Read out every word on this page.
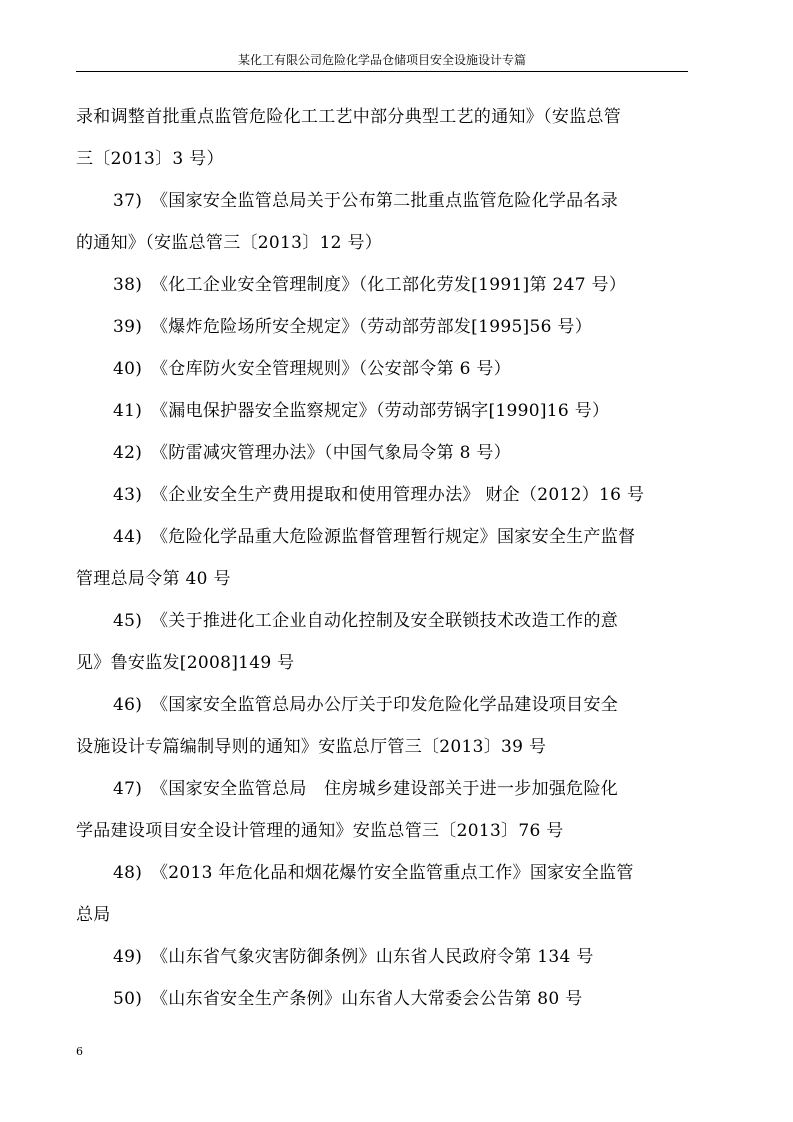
某化工有限公司危险化学品仓储项目安全设施设计专篇

录和调整首批重点监管危险化工工艺中部分典型工艺的通知》（安监总管
三〔2013〕3 号）

37)　《国家安全监管总局关于公布第二批重点监管危险化学品名录
的通知》（安监总管三〔2013〕12 号）

38)　《化工企业安全管理制度》（化工部化劳发[1991]第 247 号）

39)　《爆炸危险场所安全规定》（劳动部劳部发[1995]56 号）

40)　《仓库防火安全管理规则》（公安部令第 6 号）

41)　《漏电保护器安全监察规定》（劳动部劳锅字[1990]16 号）

42)　《防雷减灾管理办法》（中国气象局令第 8 号）

43)　《企业安全生产费用提取和使用管理办法》 财企（2012）16 号

44)　《危险化学品重大危险源监督管理暂行规定》国家安全生产监督
管理总局令第 40 号

45)　《关于推进化工企业自动化控制及安全联锁技术改造工作的意
见》鲁安监发[2008]149 号

46)　《国家安全监管总局办公厅关于印发危险化学品建设项目安全
设施设计专篇编制导则的通知》安监总厅管三〔2013〕39 号

47)　《国家安全监管总局　住房城乡建设部关于进一步加强危险化
学品建设项目安全设计管理的通知》安监总管三〔2013〕76 号

48)　《2013 年危化品和烟花爆竹安全监管重点工作》国家安全监管
总局

49)　《山东省气象灾害防御条例》山东省人民政府令第 134 号

50)　《山东省安全生产条例》山东省人大常委会公告第 80 号

6
